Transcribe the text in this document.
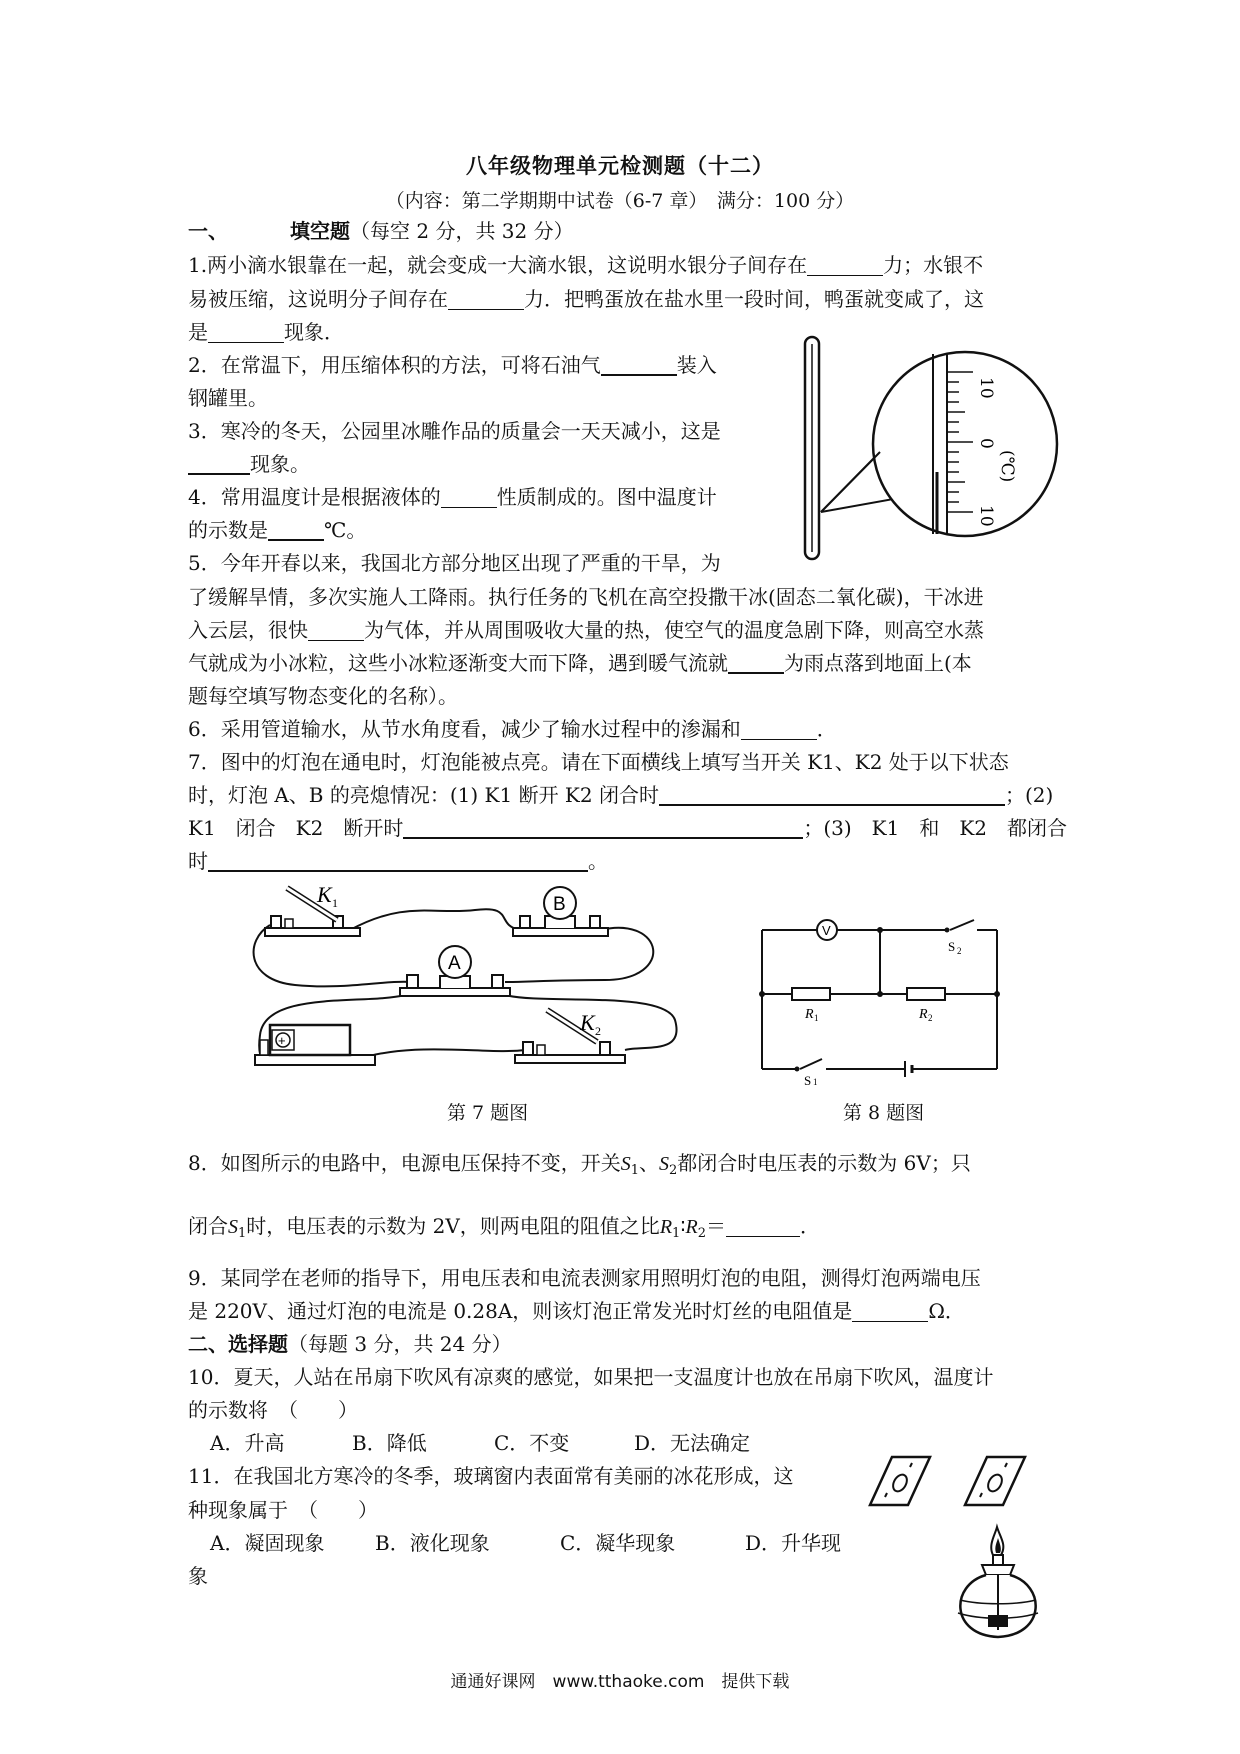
八年级物理单元检测题（十二）
（内容：第二学期期中试卷（6-7 章）　满分：100 分）
一、	填空题（每空 2 分，共 32 分）
1.两小滴水银靠在一起，就会变成一大滴水银，这说明水银分子间存在	力；水银不
易被压缩，这说明分子间存在	力．把鸭蛋放在盐水里一段时间，鸭蛋就变咸了，这
是	现象．
2．在常温下，用压缩体积的方法，可将石油气	装入
钢罐里。
3．寒冷的冬天，公园里冰雕作品的质量会一天天减小，这是
现象。
4．常用温度计是根据液体的	性质制成的。图中温度计
的示数是	℃。
10
0
10
(℃)
5．今年开春以来，我国北方部分地区出现了严重的干旱，为
了缓解旱情，多次实施人工降雨。执行任务的飞机在高空投撒干冰(固态二氧化碳)，干冰进
入云层，很快	为气体，并从周围吸收大量的热，使空气的温度急剧下降，则高空水蒸
气就成为小冰粒，这些小冰粒逐渐变大而下降，遇到暖气流就	为雨点落到地面上(本
题每空填写物态变化的名称）。
6．采用管道输水，从节水角度看，减少了输水过程中的渗漏和	．
7．图中的灯泡在通电时，灯泡能被点亮。请在下面横线上填写当开关 K1、K2 处于以下状态
时，灯泡 A、B 的亮熄情况：(1) K1 断开 K2 闭合时	；(2)
K1　闭合　K2　断开时	；(3)　K1　和　K2　都闭合
时	。
K 1	B
A
+
K 2
V
R 1	R 2
S 2
S 1
第 7 题图	第 8 题图
8．如图所示的电路中，电源电压保持不变，开关$S_1$、$S_2$都闭合时电压表的示数为 6V；只
闭合$S_1$时，电压表的示数为 2V，则两电阻的阻值之比$R_1∶R_2=$	．
9．某同学在老师的指导下，用电压表和电流表测家用照明灯泡的电阻，测得灯泡两端电压
是 220V、通过灯泡的电流是 0.28A，则该灯泡正常发光时灯丝的电阻值是	Ω．
二、选择题（每题 3 分，共 24 分）
10．夏天，人站在吊扇下吹风有凉爽的感觉，如果把一支温度计也放在吊扇下吹风，温度计
的示数将　（　　）
A．升高	B．降低	C．不变	D．无法确定
11．在我国北方寒冷的冬季，玻璃窗内表面常有美丽的冰花形成，这
种现象属于　（　　）
A．凝固现象	B．液化现象	C．凝华现象	D．升华现
象
通通好课网　www.tthaoke.com　提供下载
